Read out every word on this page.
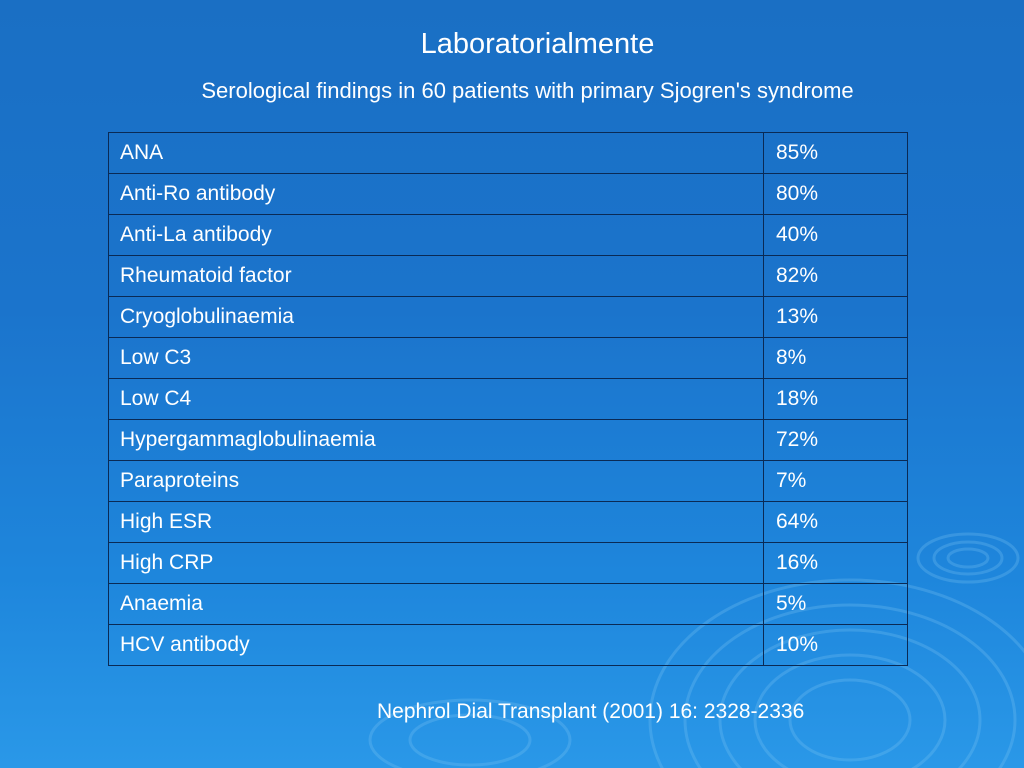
Laboratorialmente
Serological findings in 60 patients with primary Sjogren's syndrome
ANA	85%
Anti-Ro antibody	80%
Anti-La antibody	40%
Rheumatoid factor	82%
Cryoglobulinaemia	13%
Low C3	8%
Low C4	18%
Hypergammaglobulinaemia	72%
Paraproteins	7%
High ESR	64%
High CRP	16%
Anaemia	5%
HCV antibody	10%
Nephrol Dial Transplant (2001) 16: 2328-2336
